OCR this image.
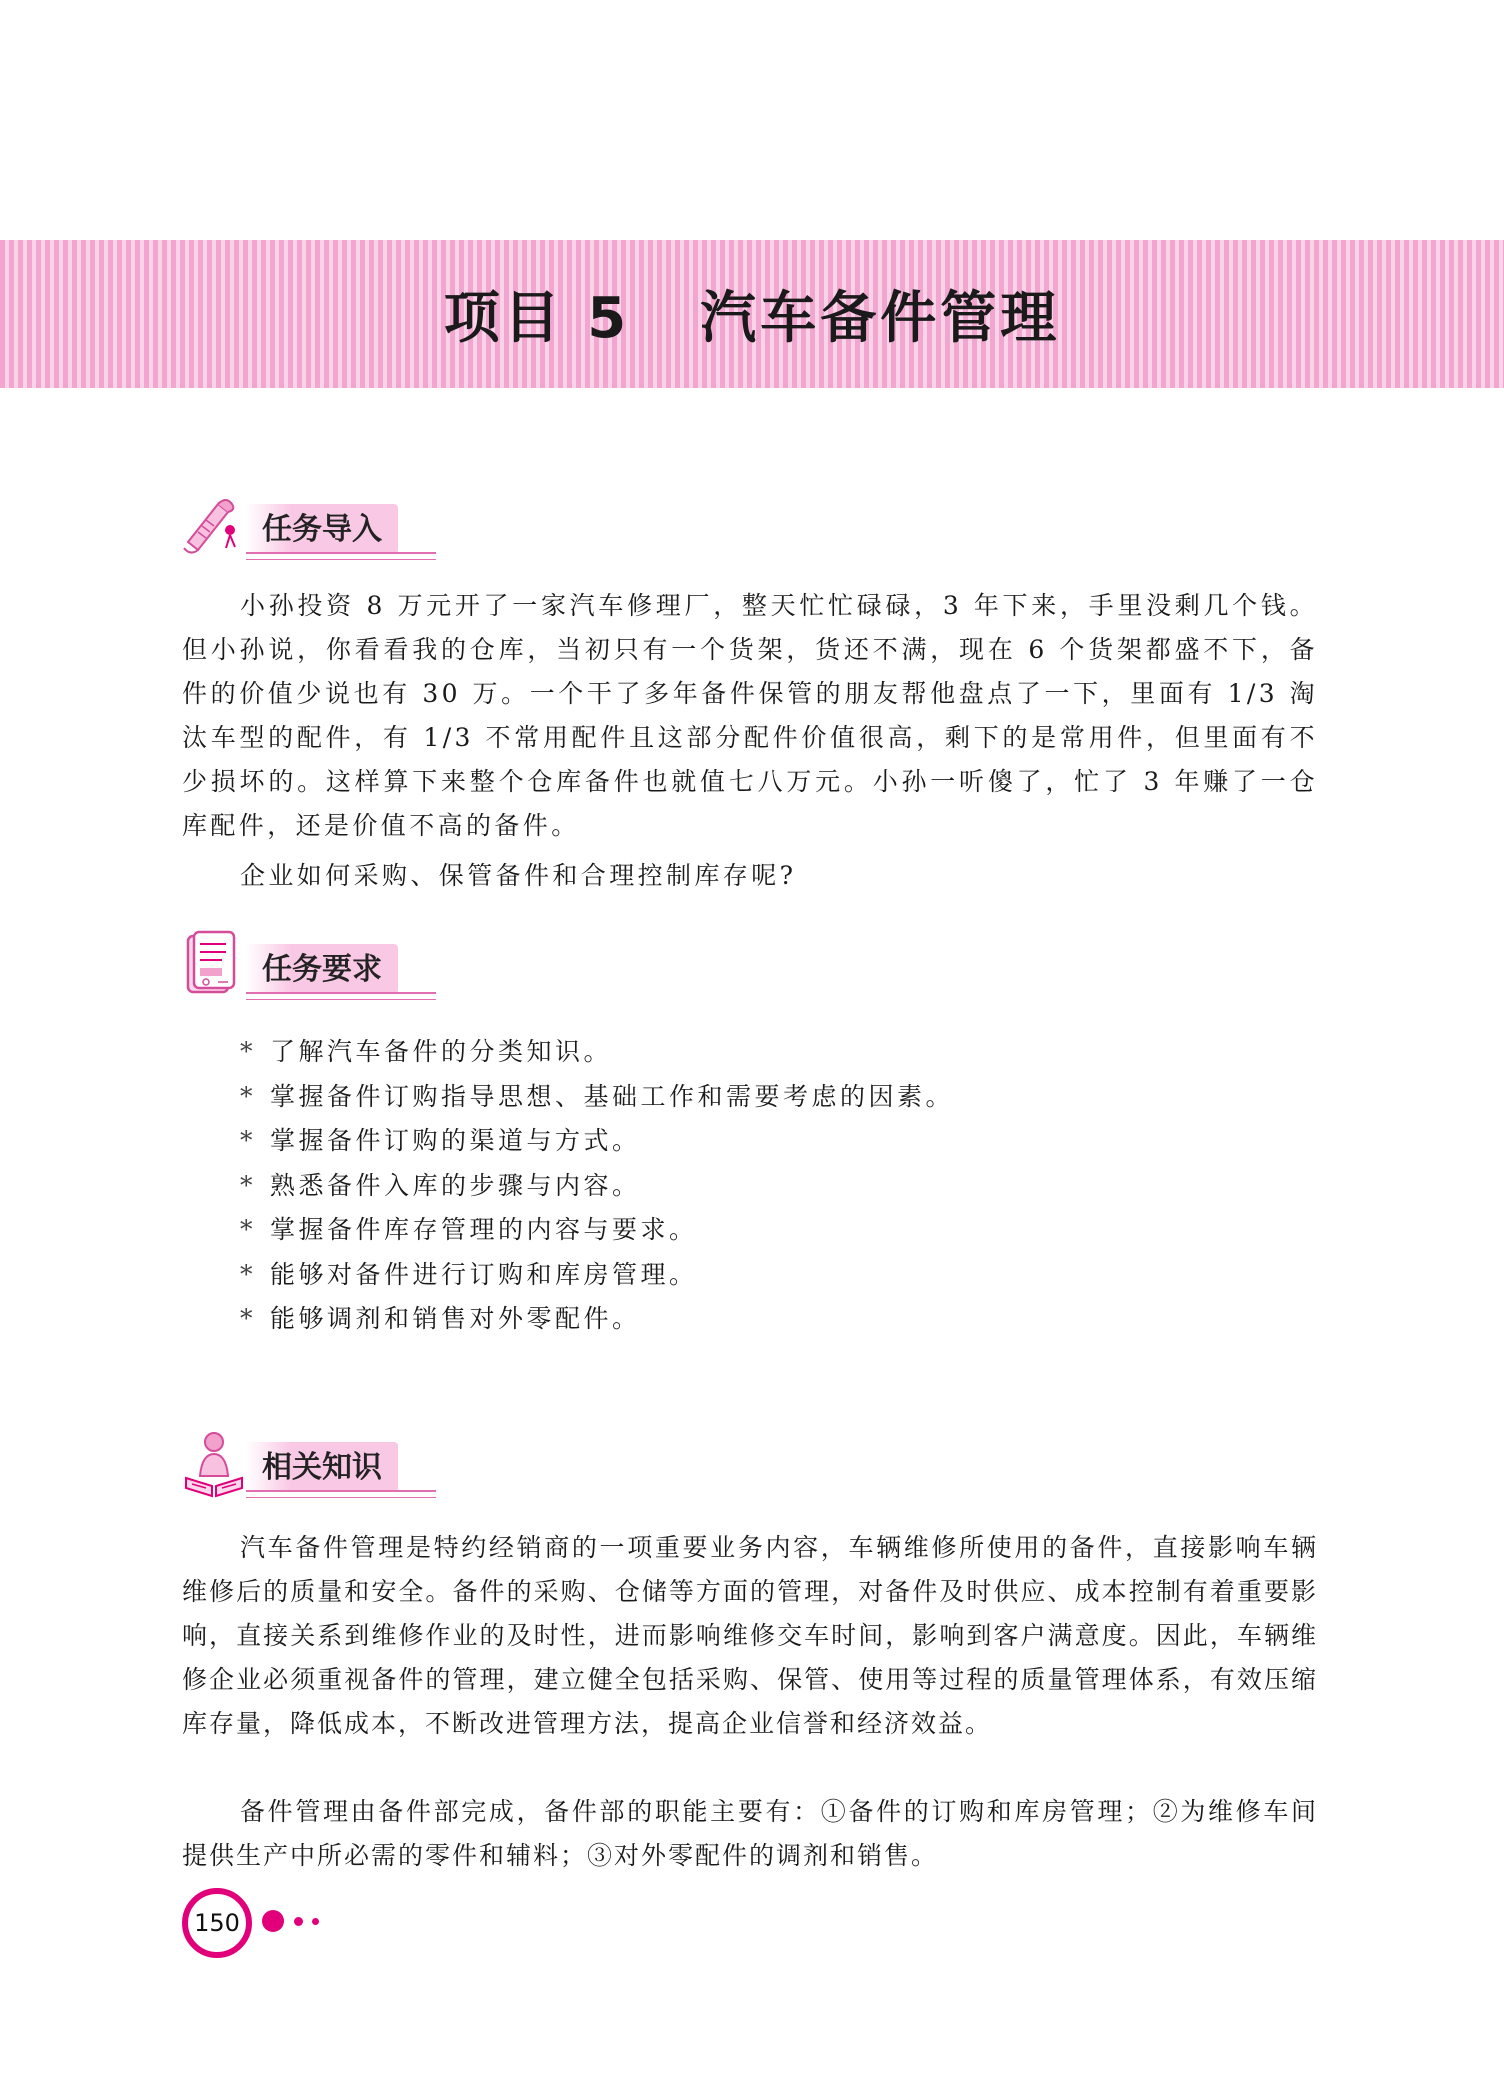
项目 5 汽车备件管理
任务导入

小孙投资 8 万元开了一家汽车修理厂，整天忙忙碌碌，3 年下来，手里没剩几个钱。但小孙说，你看看我的仓库，当初只有一个货架，货还不满，现在 6 个货架都盛不下，备件的价值少说也有 30 万。一个干了多年备件保管的朋友帮他盘点了一下，里面有 1/3 淘汰车型的配件，有 1/3 不常用配件且这部分配件价值很高，剩下的是常用件，但里面有不少损坏的。这样算下来整个仓库备件也就值七八万元。小孙一听傻了，忙了 3 年赚了一仓库配件，还是价值不高的备件。

企业如何采购、保管备件和合理控制库存呢?

任务要求
* 了解汽车备件的分类知识。
* 掌握备件订购指导思想、基础工作和需要考虑的因素。
* 掌握备件订购的渠道与方式。
* 熟悉备件入库的步骤与内容。
* 掌握备件库存管理的内容与要求。
* 能够对备件进行订购和库房管理。
* 能够调剂和销售对外零配件。
相关知识

汽车备件管理是特约经销商的一项重要业务内容，车辆维修所使用的备件，直接影响车辆维修后的质量和安全。备件的采购、仓储等方面的管理，对备件及时供应、成本控制有着重要影响，直接关系到维修作业的及时性，进而影响维修交车时间，影响到客户满意度。因此，车辆维修企业必须重视备件的管理，建立健全包括采购、保管、使用等过程的质量管理体系，有效压缩库存量，降低成本，不断改进管理方法，提高企业信誉和经济效益。

备件管理由备件部完成，备件部的职能主要有：①备件的订购和库房管理；②为维修车间提供生产中所必需的零件和辅料；③对外零配件的调剂和销售。

150
